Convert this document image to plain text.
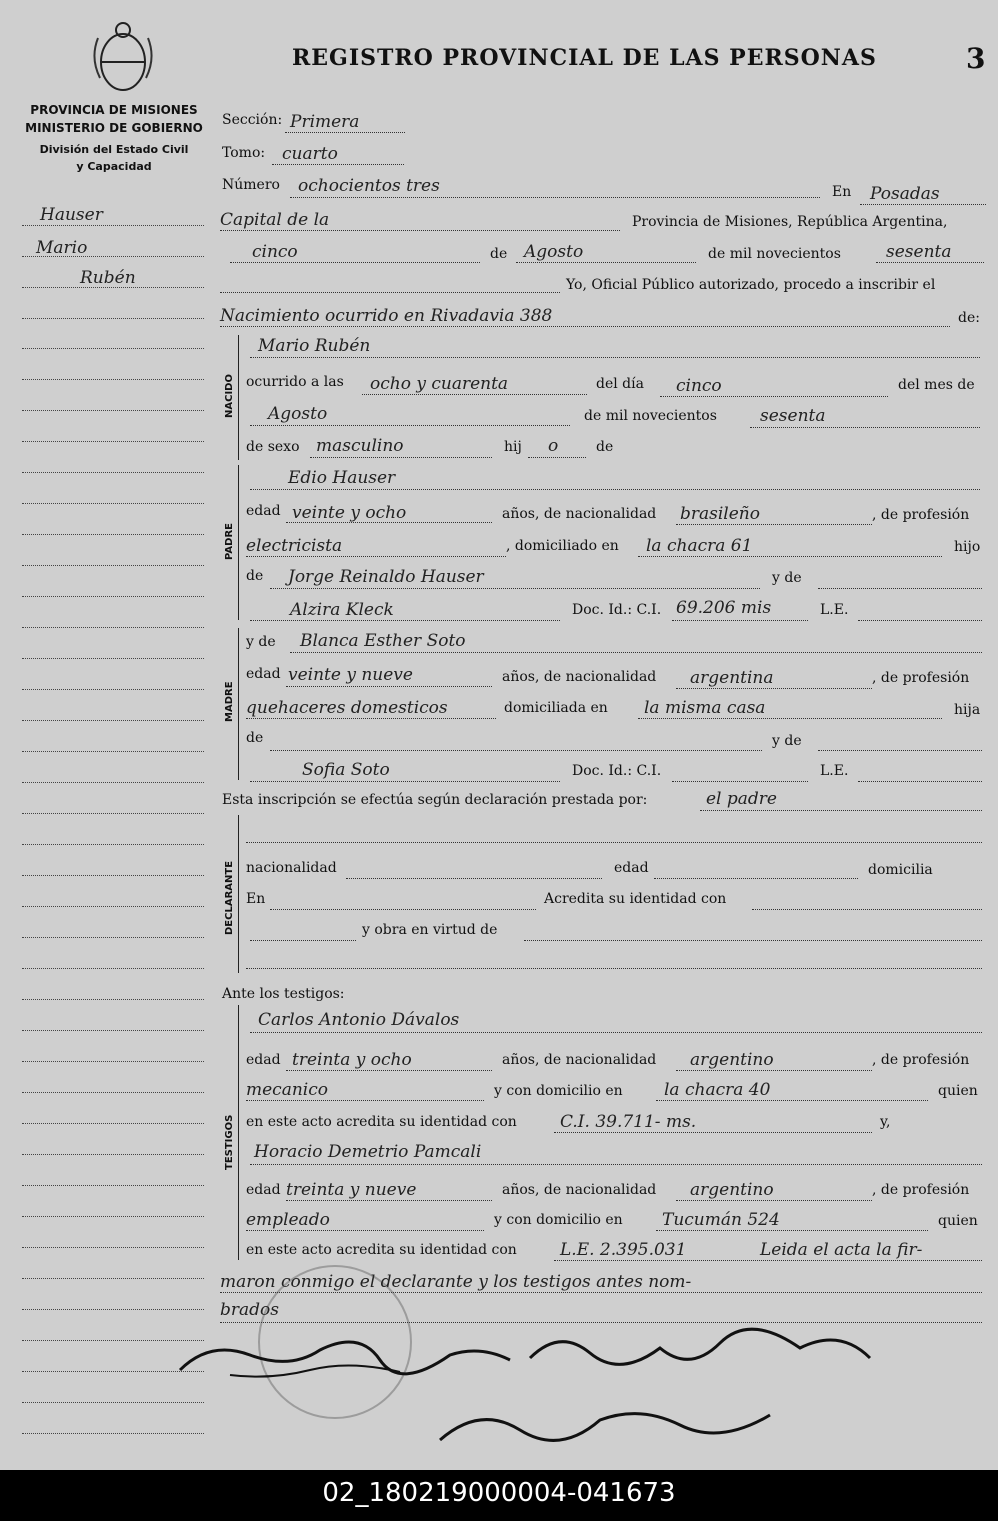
REGISTRO PROVINCIAL DE LAS PERSONAS	3
PROVINCIA DE MISIONES
MINISTERIO DE GOBIERNO
División del Estado Civil
y Capacidad
Hauser
Mario
Rubén
NACIDO
PADRE
MADRE
DECLARANTE
TESTIGOS
Sección: Primera
Tomo: cuarto
Número ochocientos tres	En Posadas
Capital de la	Provincia de Misiones, República Argentina,
cinco	de Agosto	de mil novecientos	sesenta
Yo, Oficial Público autorizado, procedo a inscribir el
Nacimiento ocurrido en Rivadavia 388	de:
Mario Rubén
ocurrido a las ocho y cuarenta	del día cinco	del mes de
Agosto	de mil novecientos	sesenta
de sexo masculino	hij o	de
Edio Hauser
edad veinte y ocho	años, de nacionalidad brasileño	, de profesión
electricista	, domiciliado en la chacra 61	hijo
de Jorge Reinaldo Hauser	y de
Alzira Kleck	Doc. Id.: C.I. 69.206 mis	L.E.
y de Blanca Esther Soto
edad veinte y nueve	años, de nacionalidad argentina	, de profesión
quehaceres domesticos	domiciliada en la misma casa	hija
de	y de
Sofia Soto	Doc. Id.: C.I.	L.E.
Esta inscripción se efectúa según declaración prestada por:	el padre
nacionalidad	edad	domicilia
En	Acredita su identidad con
y obra en virtud de
Ante los testigos:
Carlos Antonio Dávalos
edad treinta y ocho	años, de nacionalidad argentino	, de profesión
mecanico	y con domicilio en la chacra 40	quien
en este acto acredita su identidad con	C.I. 39.711- ms.	y,
Horacio Demetrio Pamcali
edad treinta y nueve	años, de nacionalidad argentino	, de profesión
empleado	y con domicilio en Tucumán 524	quien
en este acto acredita su identidad con	L.E. 2.395.031	Leida el acta la fir-
maron conmigo el declarante y los testigos antes nom-
brados
02_180219000004-041673
